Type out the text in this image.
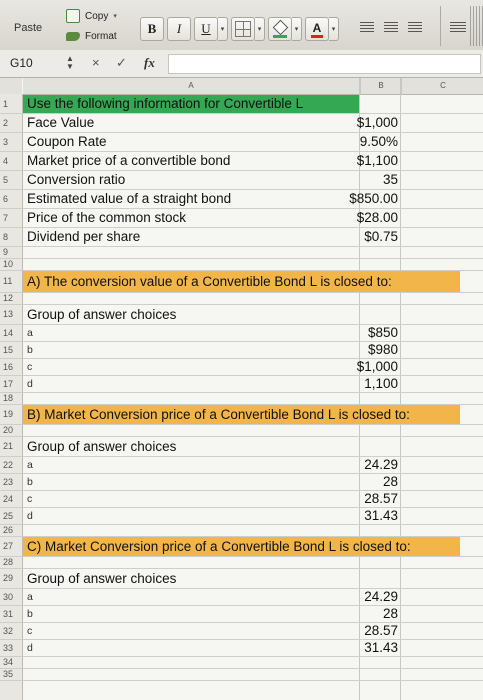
Paste
Copy ▾
Format
B	I	U	▾	▾	▾	A	▾
G10	▲
▼ × ✓ fx
A	B	C
1	Use the following information for Convertible L
2	Face Value	$1,000
3	Coupon Rate	9.50%
4	Market price of a convertible bond	$1,100
5	Conversion ratio	35
6	Estimated value of a straight bond	$850.00
7	Price of the common stock	$28.00
8	Dividend per share	$0.75
9
10
11	A) The conversion value of a Convertible Bond L is closed to:
12
13	Group of answer choices
14	a	$850
15	b	$980
16	c	$1,000
17	d	1,100
18
19	B) Market Conversion price of a Convertible Bond L is closed to:
20
21	Group of answer choices
22	a	24.29
23	b	28
24	c	28.57
25	d	31.43
26
27	C) Market Conversion price of a Convertible Bond L is closed to:
28
29	Group of answer choices
30	a	24.29
31	b	28
32	c	28.57
33	d	31.43
34
35
